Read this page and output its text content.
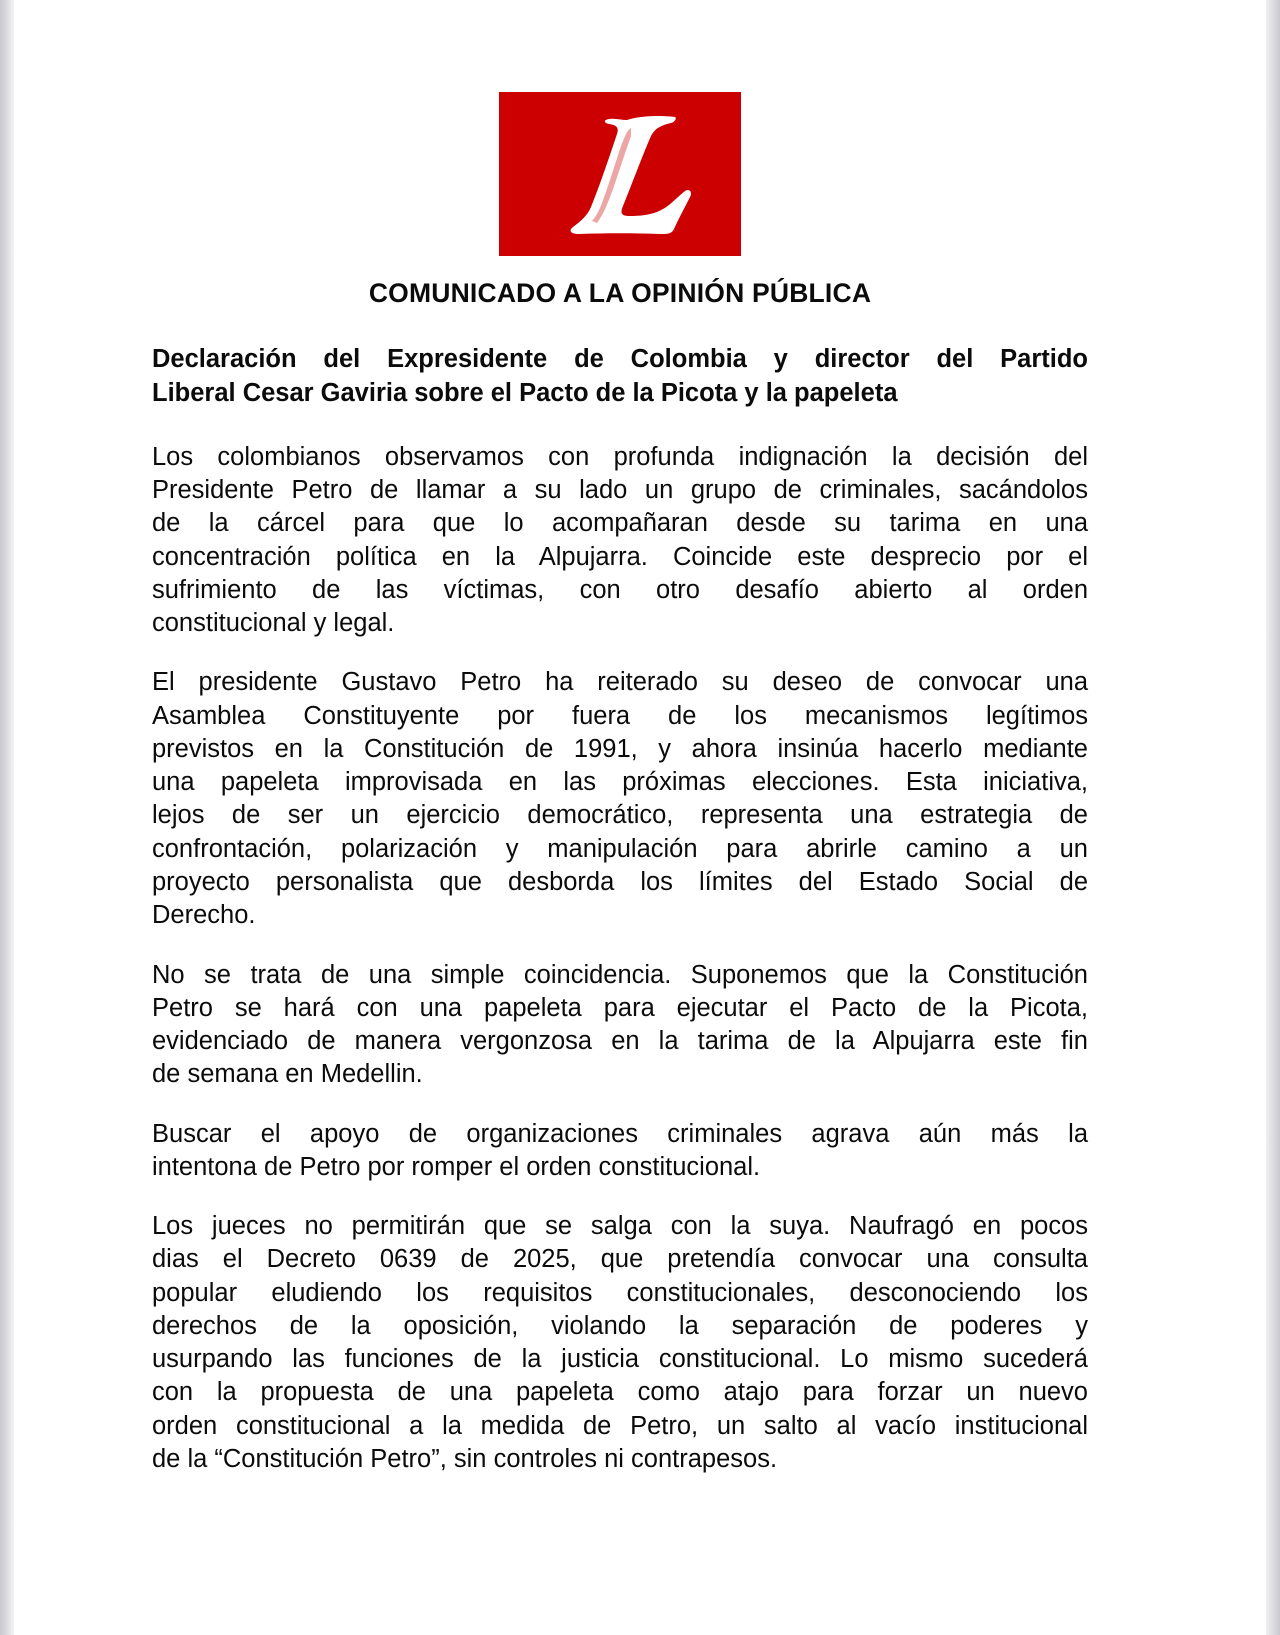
COMUNICADO A LA OPINIÓN PÚBLICA
Declaración del Expresidente de Colombia y director del Partido
Liberal Cesar Gaviria sobre el Pacto de la Picota y la papeleta
Los colombianos observamos con profunda indignación la decisión del
Presidente Petro de llamar a su lado un grupo de criminales, sacándolos
de la cárcel para que lo acompañaran desde su tarima en una
concentración política en la Alpujarra. Coincide este desprecio por el
sufrimiento de las víctimas, con otro desafío abierto al orden
constitucional y legal.
El presidente Gustavo Petro ha reiterado su deseo de convocar una
Asamblea Constituyente por fuera de los mecanismos legítimos
previstos en la Constitución de 1991, y ahora insinúa hacerlo mediante
una papeleta improvisada en las próximas elecciones. Esta iniciativa,
lejos de ser un ejercicio democrático, representa una estrategia de
confrontación, polarización y manipulación para abrirle camino a un
proyecto personalista que desborda los límites del Estado Social de
Derecho.
No se trata de una simple coincidencia. Suponemos que la Constitución
Petro se hará con una papeleta para ejecutar el Pacto de la Picota,
evidenciado de manera vergonzosa en la tarima de la Alpujarra este fin
de semana en Medellin.
Buscar el apoyo de organizaciones criminales agrava aún más la
intentona de Petro por romper el orden constitucional.
Los jueces no permitirán que se salga con la suya. Naufragó en pocos
dias el Decreto 0639 de 2025, que pretendía convocar una consulta
popular eludiendo los requisitos constitucionales, desconociendo los
derechos de la oposición, violando la separación de poderes y
usurpando las funciones de la justicia constitucional. Lo mismo sucederá
con la propuesta de una papeleta como atajo para forzar un nuevo
orden constitucional a la medida de Petro, un salto al vacío institucional
de la “Constitución Petro”, sin controles ni contrapesos.
